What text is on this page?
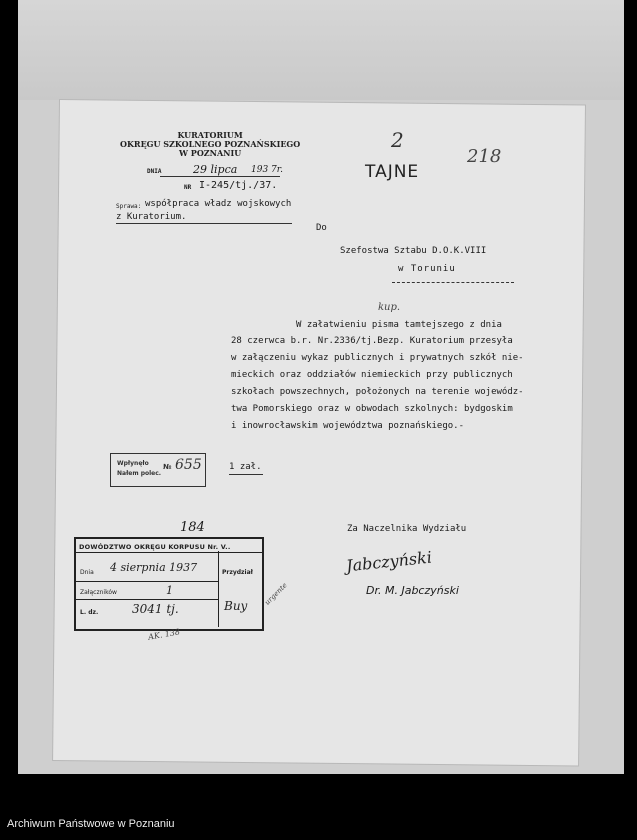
KURATORIUM
OKRĘGU SZKOLNEGO POZNAŃSKIEGO
W POZNANIU
DNIA	29 lipca 193 7r.
NR I-245/tj./37.
Sprawa: współpraca władz wojskowych
z Kuratorium.
2
218
TAJNE
Do
Szefostwa Sztabu D.O.K.VIII
w Toruniu
kup.
W załatwieniu pisma tamtejszego z dnia
28 czerwca b.r. Nr.2336/tj.Bezp. Kuratorium przesyła
w załączeniu wykaz publicznych i prywatnych szkół nie-
mieckich oraz oddziałów niemieckich przy publicznych
szkołach powszechnych, położonych na terenie wojewódz-
twa Pomorskiego oraz w obwodach szkolnych: bydgoskim
i inowrocławskim województwa poznańskiego.-
1 zał.
Wpłynęło
Nałem polec.
№ 655
184
DOWÓDZTWO OKRĘGU KORPUSU Nr. V..
Dnia 4 sierpnia 1937	Przydział
Załączników	1
L. dz.	3041 tj.	Buy urgente
AK. 138
Za Naczelnika Wydziału
Jabczyński
Dr. M. Jabczyński
Archiwum Państwowe w Poznaniu
